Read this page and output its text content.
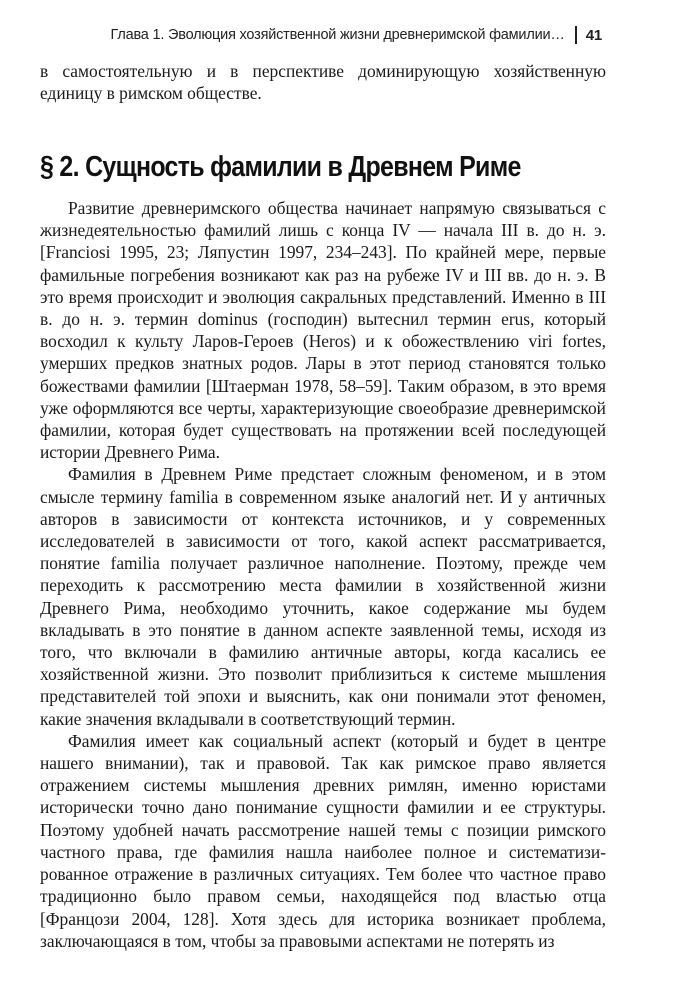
Глава 1. Эволюция хозяйственной жизни древнеримской фамилии… 41

в самостоятельную и в перспективе доминирующую хозяйственную единицу в римском обществе.

§ 2. Сущность фамилии в Древнем Риме

Развитие древнеримского общества начинает напрямую связываться с жизнедеятельностью фамилий лишь с конца IV — начала III в. до н. э. [Franciosi 1995, 23; Ляпустин 1997, 234–243]. По крайней мере, первые фамильные погребения возникают как раз на рубеже IV и III вв. до н. э. В это время происходит и эволюция сакральных представлений. Именно в III в. до н. э. термин dominus (господин) вытеснил термин erus, который восходил к культу Ларов-Героев (Heros) и к обожествлению viri fortes, умерших предков знатных родов. Лары в этот период становятся только божествами фамилии [Штаерман 1978, 58–59]. Таким образом, в это время уже оформляются все черты, характеризующие своеобразие древнеримской фамилии, которая будет существовать на протяжении всей последующей истории Древнего Рима.

Фамилия в Древнем Риме предстает сложным феноменом, и в этом смысле термину familia в современном языке аналогий нет. И у античных авторов в зависимости от контекста источников, и у современных исследователей в зависимости от того, какой аспект рассматривается, понятие familia получает различное наполнение. Поэтому, прежде чем переходить к рассмотрению места фамилии в хозяйственной жизни Древнего Рима, необходимо уточнить, какое содержание мы будем вкладывать в это понятие в данном аспекте заявленной темы, исходя из того, что включали в фамилию античные авторы, когда касались ее хозяйственной жизни. Это позволит приблизиться к системе мышления представителей той эпохи и выяснить, как они понимали этот феномен, какие значения вкладывали в соответствующий термин.

Фамилия имеет как социальный аспект (который и будет в центре нашего внимании), так и правовой. Так как римское право является отражением системы мышления древних римлян, именно юристами исторически точно дано понимание сущности фамилии и ее структуры. Поэтому удобней начать рассмотрение нашей темы с позиции римского частного права, где фамилия нашла наиболее полное и систематизированное отражение в различных ситуациях. Тем более что частное право традиционно было правом семьи, находящейся под властью отца [Францози 2004, 128]. Хотя здесь для историка возникает проблема, заключающаяся в том, чтобы за правовыми аспектами не потерять из
